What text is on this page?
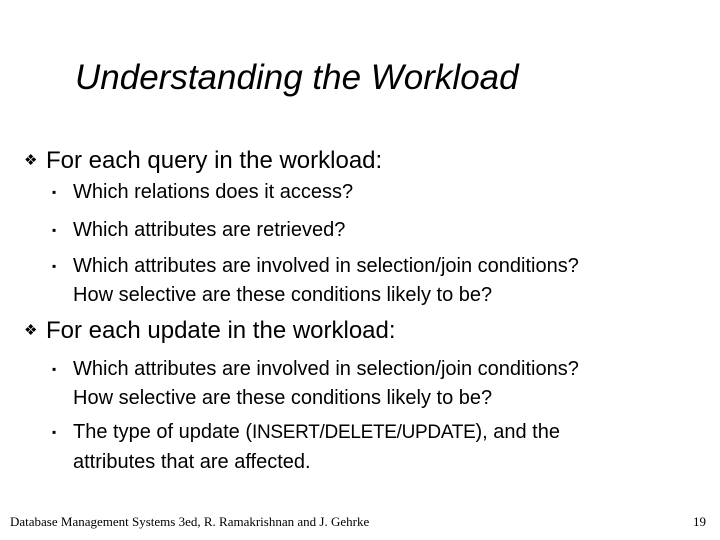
Understanding the Workload
❖ For each query in the workload:
▪ Which relations does it access?
▪ Which attributes are retrieved?
▪ Which attributes are involved in selection/join conditions?
How selective are these conditions likely to be?
❖ For each update in the workload:
▪ Which attributes are involved in selection/join conditions?
How selective are these conditions likely to be?
▪ The type of update (INSERT/DELETE/UPDATE), and the
attributes that are affected.
Database Management Systems 3ed, R. Ramakrishnan and J. Gehrke	19
